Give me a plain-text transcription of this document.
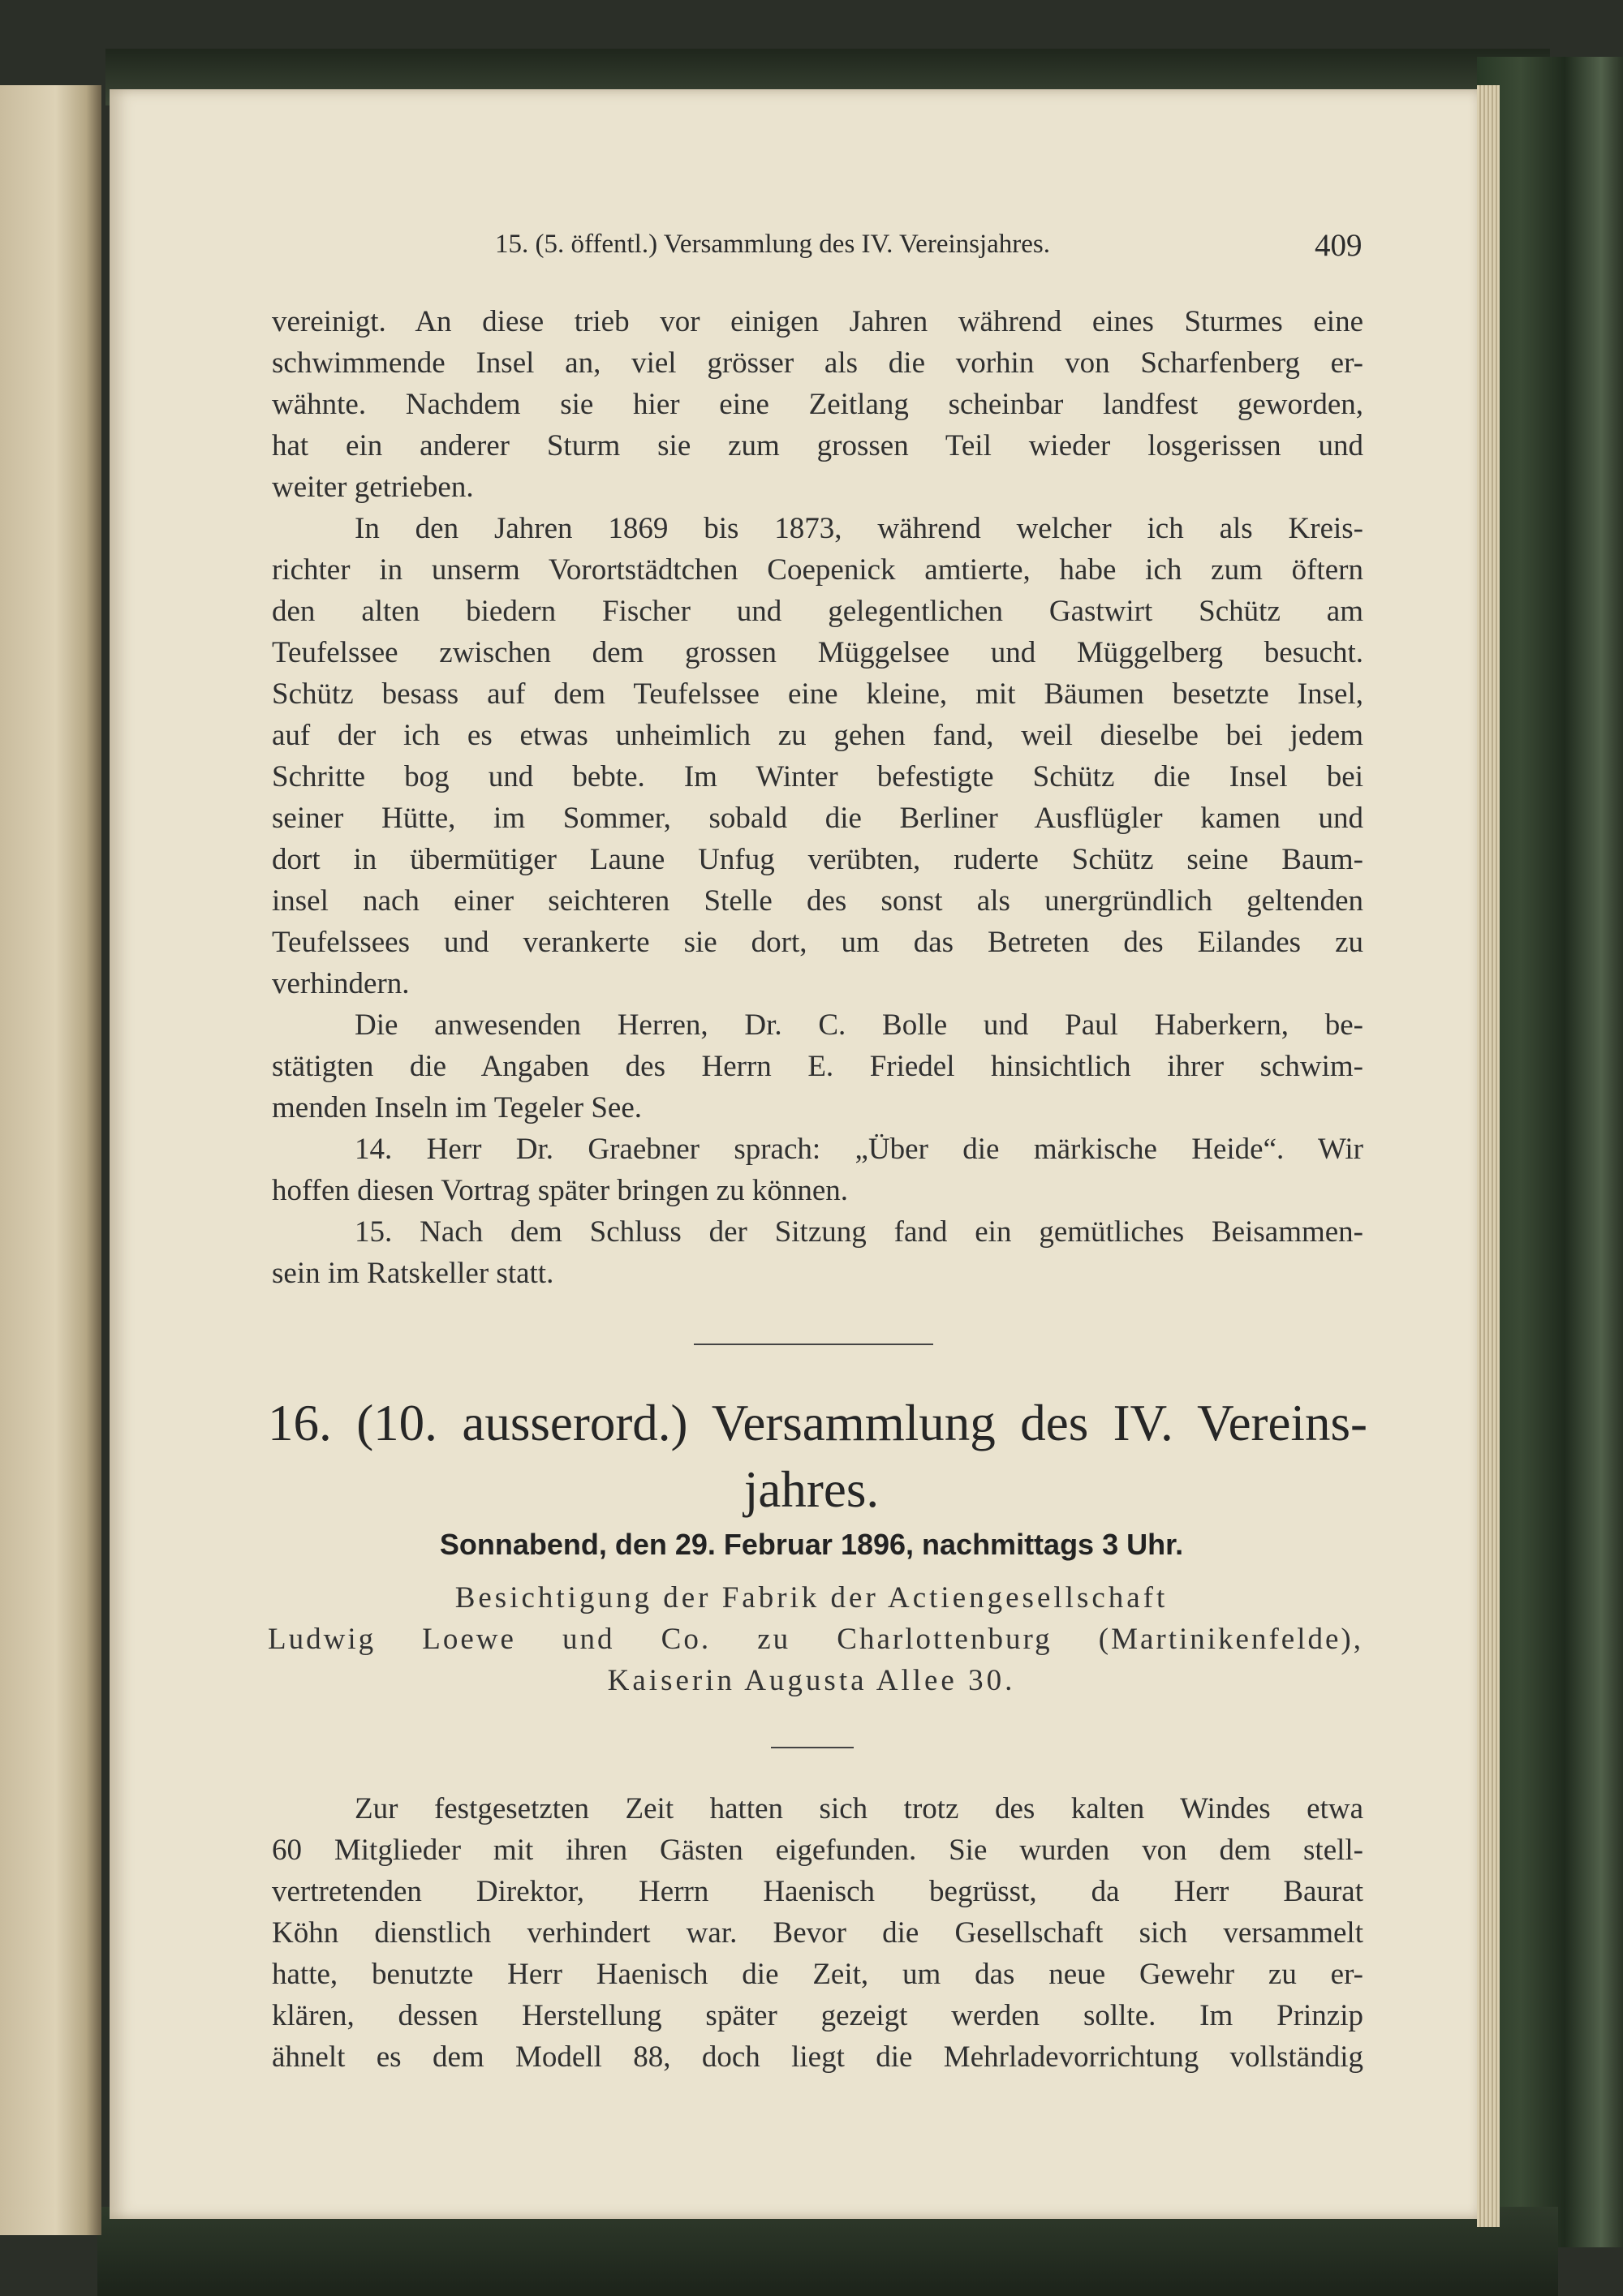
15. (5. öffentl.) Versammlung des IV. Vereinsjahres.	409
vereinigt. An diese trieb vor einigen Jahren während eines Sturmes eine
schwimmende Insel an, viel grösser als die vorhin von Scharfenberg er-
wähnte. Nachdem sie hier eine Zeitlang scheinbar landfest geworden,
hat ein anderer Sturm sie zum grossen Teil wieder losgerissen und
weiter getrieben.
In den Jahren 1869 bis 1873, während welcher ich als Kreis-
richter in unserm Vorortstädtchen Coepenick amtierte, habe ich zum öftern
den alten biedern Fischer und gelegentlichen Gastwirt Schütz am
Teufelssee zwischen dem grossen Müggelsee und Müggelberg besucht.
Schütz besass auf dem Teufelssee eine kleine, mit Bäumen besetzte Insel,
auf der ich es etwas unheimlich zu gehen fand, weil dieselbe bei jedem
Schritte bog und bebte. Im Winter befestigte Schütz die Insel bei
seiner Hütte, im Sommer, sobald die Berliner Ausflügler kamen und
dort in übermütiger Laune Unfug verübten, ruderte Schütz seine Baum-
insel nach einer seichteren Stelle des sonst als unergründlich geltenden
Teufelssees und verankerte sie dort, um das Betreten des Eilandes zu
verhindern.
Die anwesenden Herren, Dr. C. Bolle und Paul Haberkern, be-
stätigten die Angaben des Herrn E. Friedel hinsichtlich ihrer schwim-
menden Inseln im Tegeler See.
14. Herr Dr. Graebner sprach: „Über die märkische Heide“. Wir
hoffen diesen Vortrag später bringen zu können.
15. Nach dem Schluss der Sitzung fand ein gemütliches Beisammen-
sein im Ratskeller statt.
16. (10. ausserord.) Versammlung des IV. Vereins-
jahres.
Sonnabend, den 29. Februar 1896, nachmittags 3 Uhr.
Besichtigung der Fabrik der Actiengesellschaft
Ludwig Loewe und Co. zu Charlottenburg (Martinikenfelde),
Kaiserin Augusta Allee 30.
Zur festgesetzten Zeit hatten sich trotz des kalten Windes etwa
60 Mitglieder mit ihren Gästen eigefunden. Sie wurden von dem stell-
vertretenden Direktor, Herrn Haenisch begrüsst, da Herr Baurat
Köhn dienstlich verhindert war. Bevor die Gesellschaft sich versammelt
hatte, benutzte Herr Haenisch die Zeit, um das neue Gewehr zu er-
klären, dessen Herstellung später gezeigt werden sollte. Im Prinzip
ähnelt es dem Modell 88, doch liegt die Mehrladevorrichtung vollständig
